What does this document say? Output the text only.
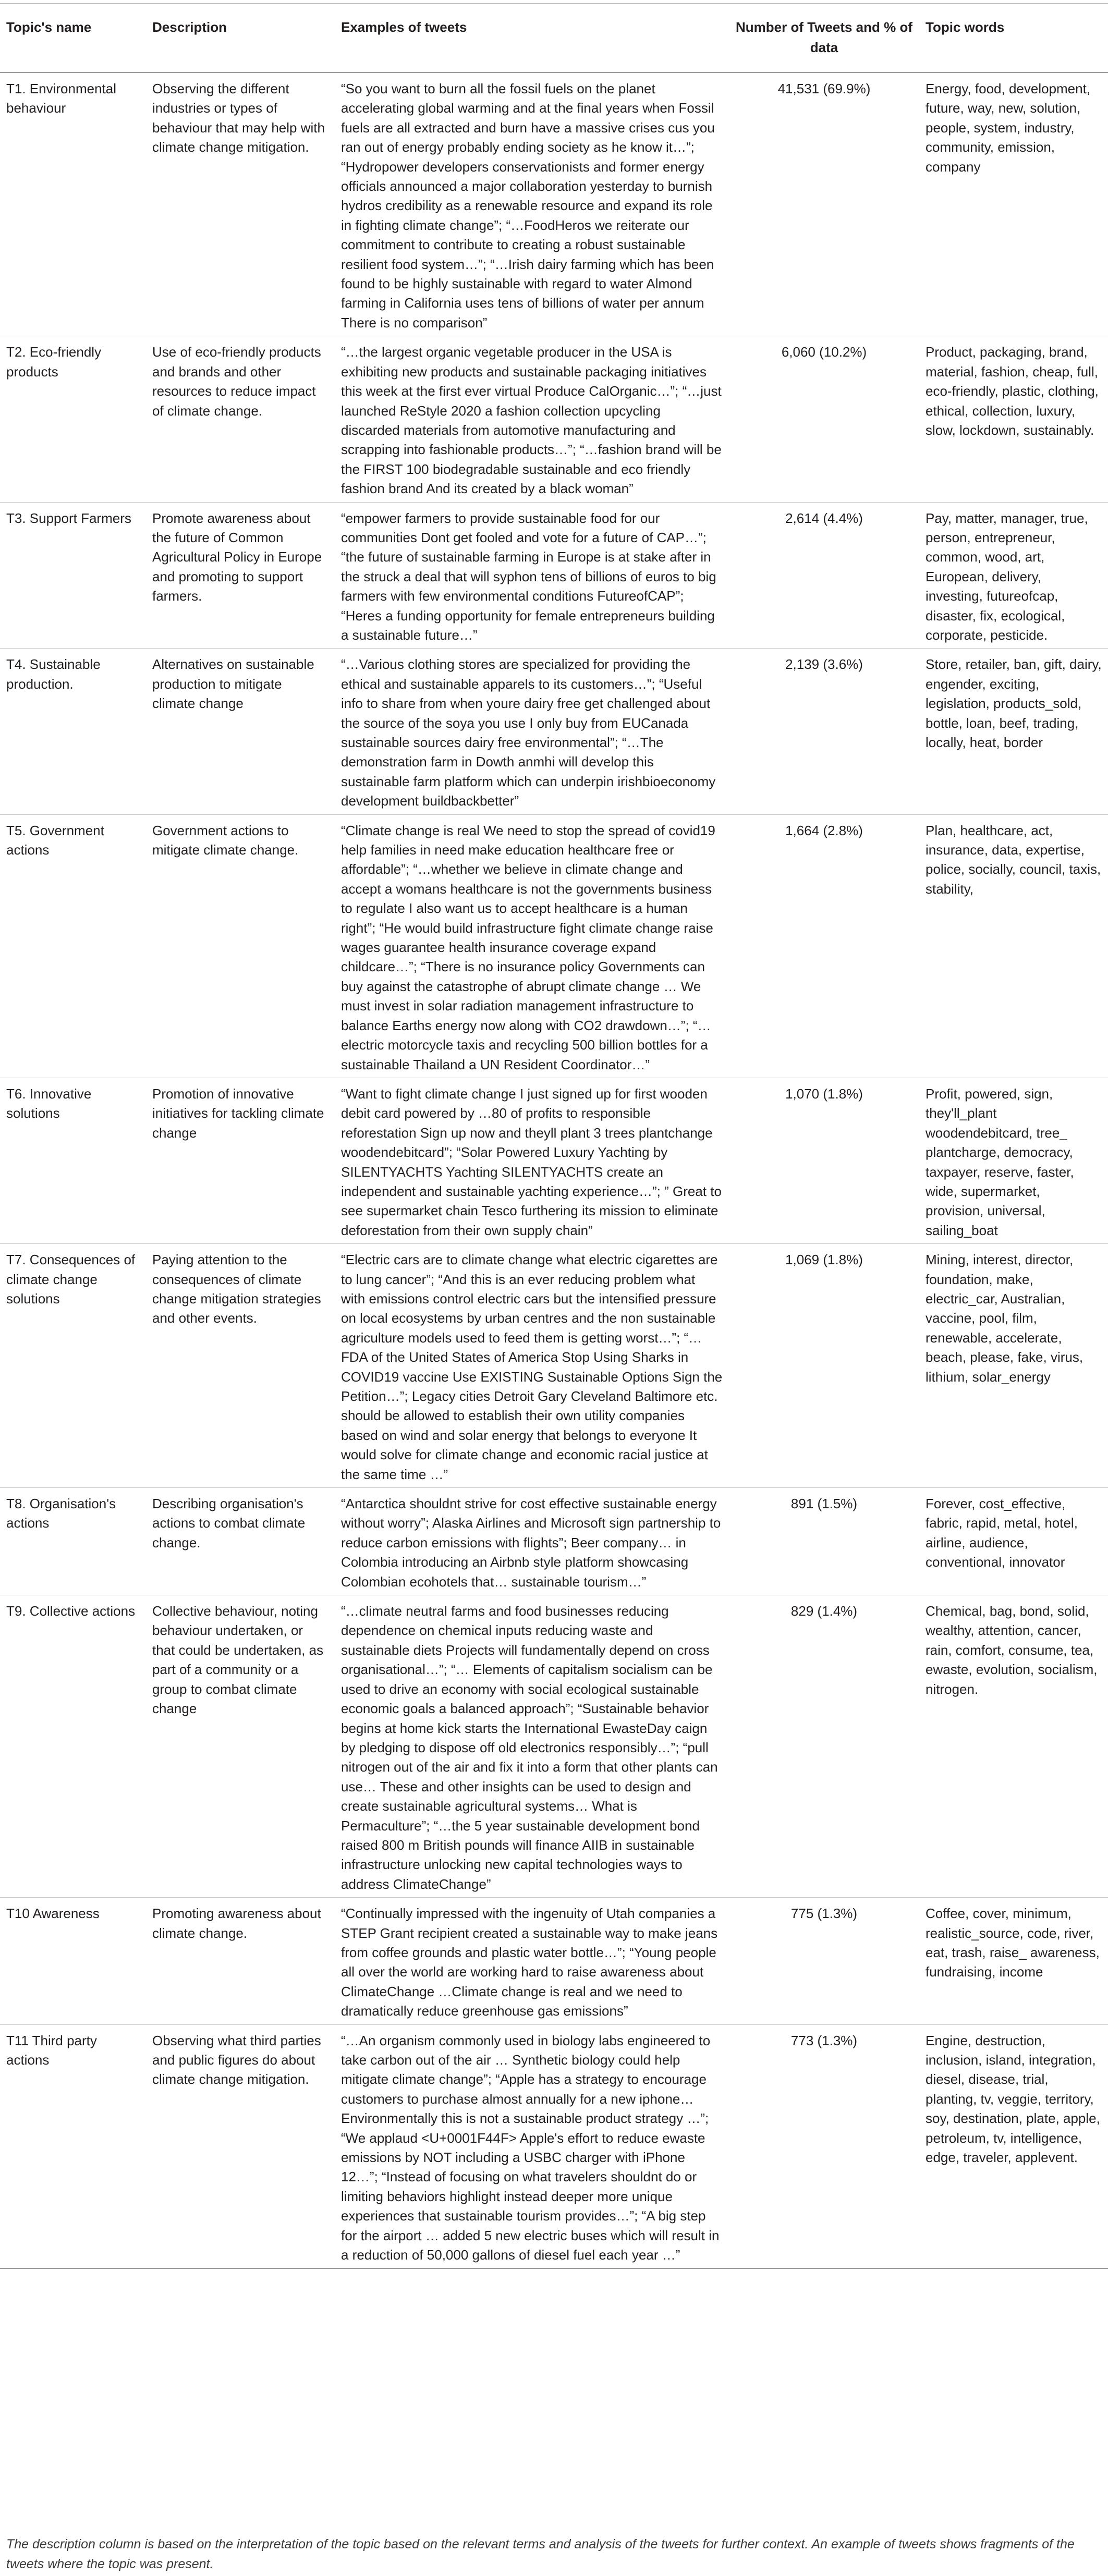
Topic's name	Description	Examples of tweets	Number of Tweets and % of data	Topic words
T1. Environmental behaviour	Observing the different industries or types of behaviour that may help with climate change mitigation.	“So you want to burn all the fossil fuels on the planet accelerating global warming and at the final years when Fossil fuels are all extracted and burn have a massive crises cus you ran out of energy probably ending society as he know it…”; “Hydropower developers conservationists and former energy officials announced a major collaboration yesterday to burnish hydros credibility as a renewable resource and expand its role in fighting climate change”; “…FoodHeros we reiterate our commitment to contribute to creating a robust sustainable resilient food system…”; “…Irish dairy farming which has been found to be highly sustainable with regard to water Almond farming in California uses tens of billions of water per annum There is no comparison”	41,531 (69.9%)	Energy, food, development, future, way, new, solution, people, system, industry, community, emission, company
T2. Eco-friendly products	Use of eco-friendly products and brands and other resources to reduce impact of climate change.	“…the largest organic vegetable producer in the USA is exhibiting new products and sustainable packaging initiatives this week at the first ever virtual Produce CalOrganic…”; “…just launched ReStyle 2020 a fashion collection upcycling discarded materials from automotive manufacturing and scrapping into fashionable products…”; “…fashion brand will be the FIRST 100 biodegradable sustainable and eco friendly fashion brand And its created by a black woman”	6,060 (10.2%)	Product, packaging, brand, material, fashion, cheap, full, eco-friendly, plastic, clothing, ethical, collection, luxury, slow, lockdown, sustainably.
T3. Support Farmers	Promote awareness about the future of Common Agricultural Policy in Europe and promoting to support farmers.	“empower farmers to provide sustainable food for our communities Dont get fooled and vote for a future of CAP…”; “the future of sustainable farming in Europe is at stake after in the struck a deal that will syphon tens of billions of euros to big farmers with few environmental conditions FutureofCAP”; “Heres a funding opportunity for female entrepreneurs building a sustainable future…”	2,614 (4.4%)	Pay, matter, manager, true, person, entrepreneur, common, wood, art, European, delivery, investing, futureofcap, disaster, fix, ecological, corporate, pesticide.
T4. Sustainable production.	Alternatives on sustainable production to mitigate climate change	“…Various clothing stores are specialized for providing the ethical and sustainable apparels to its customers…”; “Useful info to share from when youre dairy free get challenged about the source of the soya you use I only buy from EUCanada sustainable sources dairy free environmental”; “…The demonstration farm in Dowth anmhi will develop this sustainable farm platform which can underpin irishbioeconomy development buildbackbetter”	2,139 (3.6%)	Store, retailer, ban, gift, dairy, engender, exciting, legislation, products_sold, bottle, loan, beef, trading, locally, heat, border
T5. Government actions	Government actions to mitigate climate change.	“Climate change is real We need to stop the spread of covid19 help families in need make education healthcare free or affordable”; “…whether we believe in climate change and accept a womans healthcare is not the governments business to regulate I also want us to accept healthcare is a human right”; “He would build infrastructure fight climate change raise wages guarantee health insurance coverage expand childcare…”; “There is no insurance policy Governments can buy against the catastrophe of abrupt climate change … We must invest in solar radiation management infrastructure to balance Earths energy now along with CO2 drawdown…”; “…electric motorcycle taxis and recycling 500 billion bottles for a sustainable Thailand a UN Resident Coordinator…”	1,664 (2.8%)	Plan, healthcare, act, insurance, data, expertise, police, socially, council, taxis, stability,
T6. Innovative solutions	Promotion of innovative initiatives for tackling climate change	“Want to fight climate change I just signed up for first wooden debit card powered by …80 of profits to responsible reforestation Sign up now and theyll plant 3 trees plantchange woodendebitcard”; “Solar Powered Luxury Yachting by SILENTYACHTS Yachting SILENTYACHTS create an independent and sustainable yachting experience…”; ” Great to see supermarket chain Tesco furthering its mission to eliminate deforestation from their own supply chain”	1,070 (1.8%)	Profit, powered, sign, they'll_plant woodendebitcard, tree_ plantcharge, democracy, taxpayer, reserve, faster, wide, supermarket, provision, universal, sailing_boat
T7. Consequences of climate change solutions	Paying attention to the consequences of climate change mitigation strategies and other events.	“Electric cars are to climate change what electric cigarettes are to lung cancer”; “And this is an ever reducing problem what with emissions control electric cars but the intensified pressure on local ecosystems by urban centres and the non sustainable agriculture models used to feed them is getting worst…”; “…FDA of the United States of America Stop Using Sharks in COVID19 vaccine Use EXISTING Sustainable Options Sign the Petition…”; Legacy cities Detroit Gary Cleveland Baltimore etc. should be allowed to establish their own utility companies based on wind and solar energy that belongs to everyone It would solve for climate change and economic racial justice at the same time …”	1,069 (1.8%)	Mining, interest, director, foundation, make, electric_car, Australian, vaccine, pool, film, renewable, accelerate, beach, please, fake, virus, lithium, solar_energy
T8. Organisation's actions	Describing organisation's actions to combat climate change.	“Antarctica shouldnt strive for cost effective sustainable energy without worry”; Alaska Airlines and Microsoft sign partnership to reduce carbon emissions with flights”; Beer company… in Colombia introducing an Airbnb style platform showcasing Colombian ecohotels that… sustainable tourism…”	891 (1.5%)	Forever, cost_effective, fabric, rapid, metal, hotel, airline, audience, conventional, innovator
T9. Collective actions	Collective behaviour, noting behaviour undertaken, or that could be undertaken, as part of a community or a group to combat climate change	“…climate neutral farms and food businesses reducing dependence on chemical inputs reducing waste and sustainable diets Projects will fundamentally depend on cross organisational…”; “… Elements of capitalism socialism can be used to drive an economy with social ecological sustainable economic goals a balanced approach”; “Sustainable behavior begins at home kick starts the International EwasteDay caign by pledging to dispose off old electronics responsibly…”; “pull nitrogen out of the air and fix it into a form that other plants can use… These and other insights can be used to design and create sustainable agricultural systems… What is Permaculture”; “…the 5 year sustainable development bond raised 800 m British pounds will finance AIIB in sustainable infrastructure unlocking new capital technologies ways to address ClimateChange”	829 (1.4%)	Chemical, bag, bond, solid, wealthy, attention, cancer, rain, comfort, consume, tea, ewaste, evolution, socialism, nitrogen.
T10 Awareness	Promoting awareness about climate change.	“Continually impressed with the ingenuity of Utah companies a STEP Grant recipient created a sustainable way to make jeans from coffee grounds and plastic water bottle…”; “Young people all over the world are working hard to raise awareness about ClimateChange …Climate change is real and we need to dramatically reduce greenhouse gas emissions”	775 (1.3%)	Coffee, cover, minimum, realistic_source, code, river, eat, trash, raise_ awareness, fundraising, income
T11 Third party actions	Observing what third parties and public figures do about climate change mitigation.	“…An organism commonly used in biology labs engineered to take carbon out of the air … Synthetic biology could help mitigate climate change”; “Apple has a strategy to encourage customers to purchase almost annually for a new iphone…Environmentally this is not a sustainable product strategy …”; “We applaud <U+0001F44F> Apple's effort to reduce ewaste emissions by NOT including a USBC charger with iPhone 12…”; “Instead of focusing on what travelers shouldnt do or limiting behaviors highlight instead deeper more unique experiences that sustainable tourism provides…”; “A big step for the airport … added 5 new electric buses which will result in a reduction of 50,000 gallons of diesel fuel each year …”	773 (1.3%)	Engine, destruction, inclusion, island, integration, diesel, disease, trial, planting, tv, veggie, territory, soy, destination, plate, apple, petroleum, tv, intelligence, edge, traveler, applevent.

The description column is based on the interpretation of the topic based on the relevant terms and analysis of the tweets for further context. An example of tweets shows fragments of the tweets where the topic was present.
